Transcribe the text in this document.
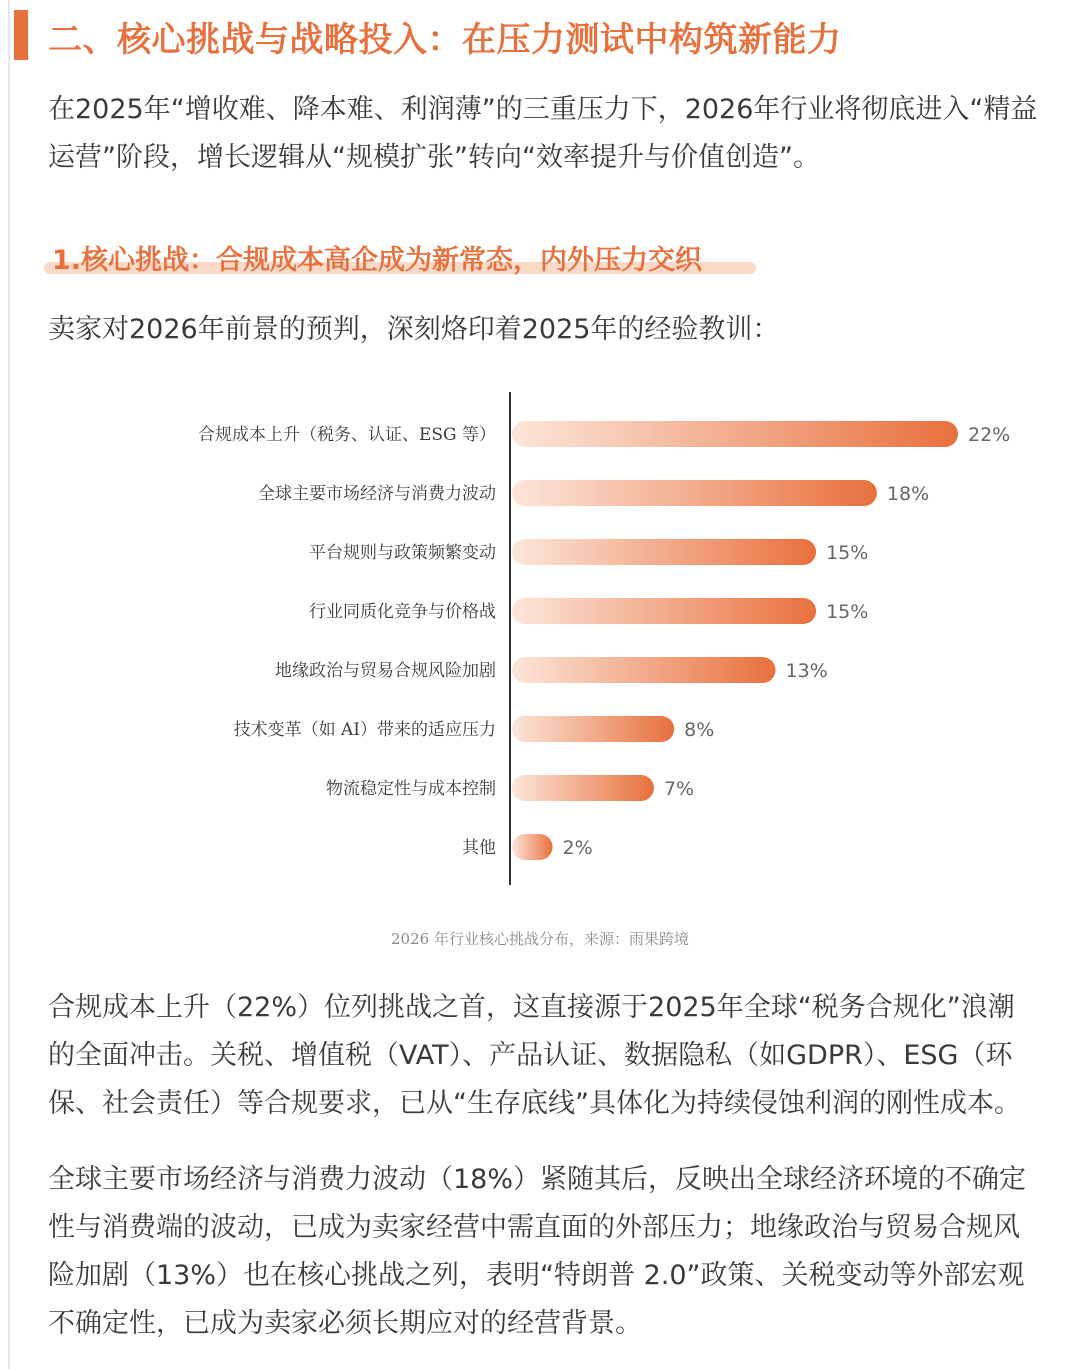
二、核心挑战与战略投入：在压力测试中构筑新能力
在2025年“增收难、降本难、利润薄”的三重压力下，2026年行业将彻底进入“精益运营”阶段，增长逻辑从“规模扩张”转向“效率提升与价值创造”。
1.核心挑战：合规成本高企成为新常态，内外压力交织
卖家对2026年前景的预判，深刻烙印着2025年的经验教训：
合规成本上升（税务、认证、ESG 等）	22%
全球主要市场经济与消费力波动	18%
平台规则与政策频繁变动	15%
行业同质化竞争与价格战	15%
地缘政治与贸易合规风险加剧	13%
技术变革（如 AI）带来的适应压力	8%
物流稳定性与成本控制	7%
其他	2%
2026 年行业核心挑战分布，来源：雨果跨境
合规成本上升（22%）位列挑战之首，这直接源于2025年全球“税务合规化”浪潮的全面冲击。关税、增值税（VAT）、产品认证、数据隐私（如GDPR）、ESG（环保、社会责任）等合规要求，已从“生存底线”具体化为持续侵蚀利润的刚性成本。
全球主要市场经济与消费力波动（18%）紧随其后，反映出全球经济环境的不确定性与消费端的波动，已成为卖家经营中需直面的外部压力；地缘政治与贸易合规风险加剧（13%）也在核心挑战之列，表明“特朗普 2.0”政策、关税变动等外部宏观不确定性，已成为卖家必须长期应对的经营背景。
